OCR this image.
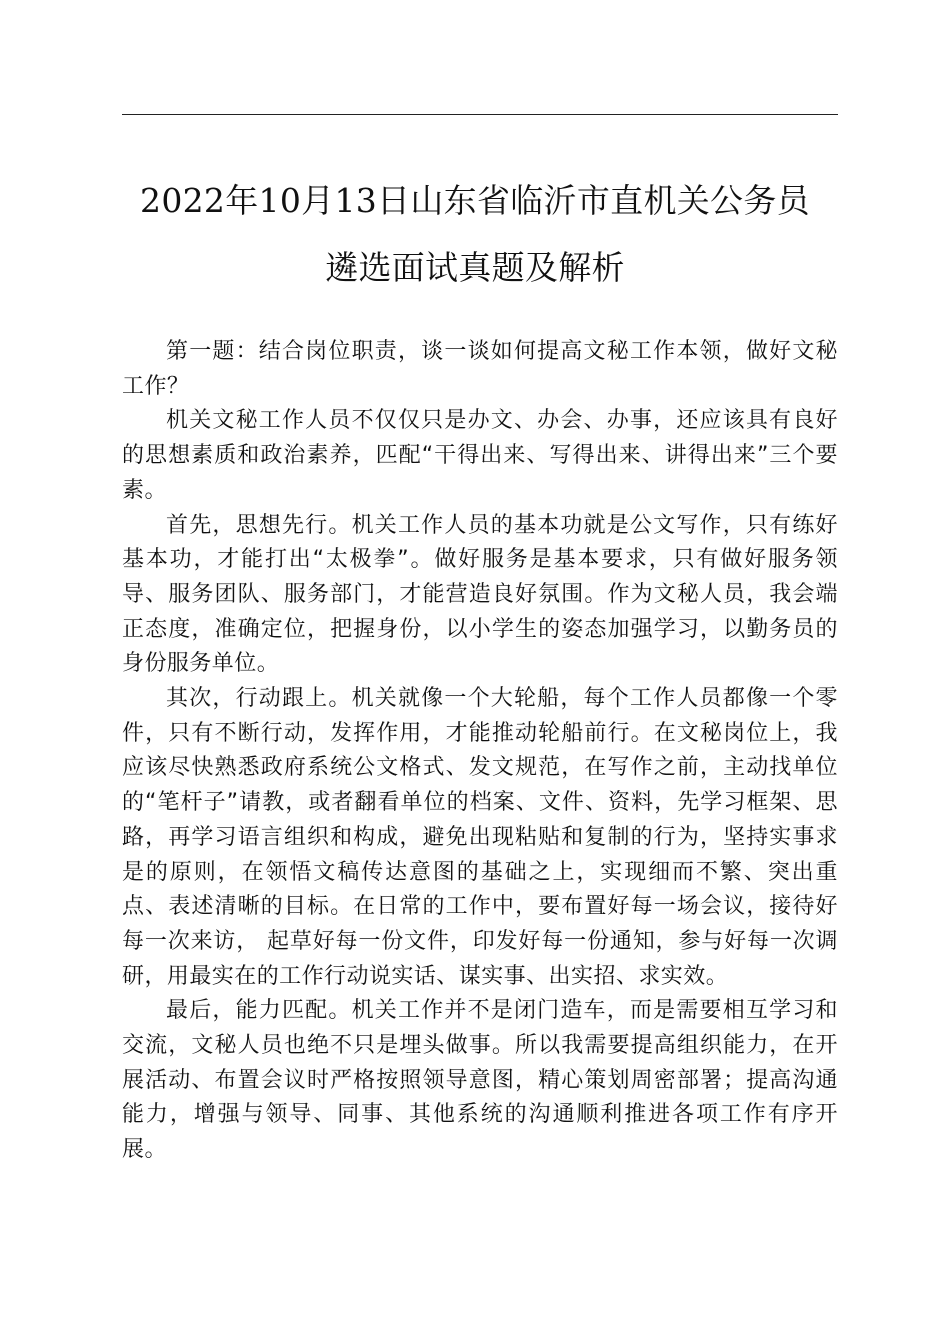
2022年10月13日山东省临沂市直机关公务员
遴选面试真题及解析

第一题：结合岗位职责，谈一谈如何提高文秘工作本领，做好文秘工作？

机关文秘工作人员不仅仅只是办文、办会、办事，还应该具有良好的思想素质和政治素养，匹配“干得出来、写得出来、讲得出来”三个要素。

首先，思想先行。机关工作人员的基本功就是公文写作，只有练好基本功，才能打出“太极拳”。做好服务是基本要求，只有做好服务领导、服务团队、服务部门，才能营造良好氛围。作为文秘人员，我会端正态度，准确定位，把握身份，以小学生的姿态加强学习，以勤务员的身份服务单位。

其次，行动跟上。机关就像一个大轮船，每个工作人员都像一个零件，只有不断行动，发挥作用，才能推动轮船前行。在文秘岗位上，我应该尽快熟悉政府系统公文格式、发文规范，在写作之前，主动找单位的“笔杆子”请教，或者翻看单位的档案、文件、资料，先学习框架、思路，再学习语言组织和构成，避免出现粘贴和复制的行为，坚持实事求是的原则，在领悟文稿传达意图的基础之上，实现细而不繁、突出重点、表述清晰的目标。在日常的工作中，要布置好每一场会议，接待好每一次来访， 起草好每一份文件，印发好每一份通知，参与好每一次调研，用最实在的工作行动说实话、谋实事、出实招、求实效。

最后，能力匹配。机关工作并不是闭门造车，而是需要相互学习和交流，文秘人员也绝不只是埋头做事。所以我需要提高组织能力，在开展活动、布置会议时严格按照领导意图，精心策划周密部署；提高沟通能力，增强与领导、同事、其他系统的沟通顺利推进各项工作有序开展。
